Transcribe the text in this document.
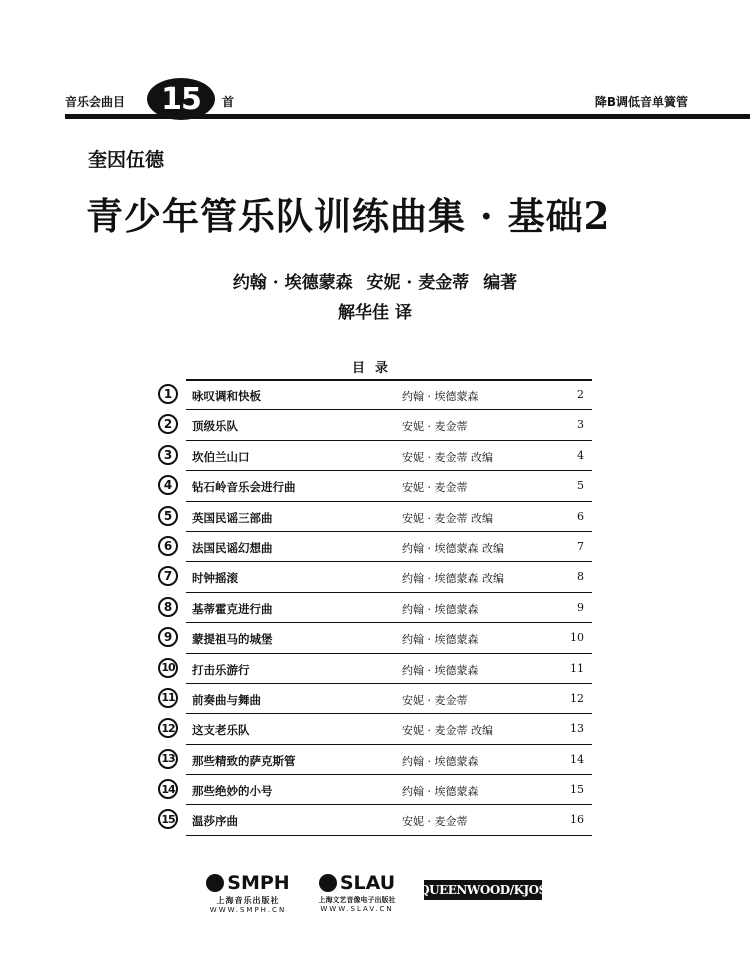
音乐会曲目	15	首	降B调低音单簧管
奎因伍德
青少年管乐队训练曲集 · 基础2
约翰 · 埃德蒙森 安妮 · 麦金蒂 编著
解华佳 译
目录
1	咏叹调和快板	约翰 · 埃德蒙森	2
2	顶级乐队	安妮 · 麦金蒂	3
3	坎伯兰山口	安妮 · 麦金蒂 改编	4
4	钻石岭音乐会进行曲	安妮 · 麦金蒂	5
5	英国民谣三部曲	安妮 · 麦金蒂 改编	6
6	法国民谣幻想曲	约翰 · 埃德蒙森 改编	7
7	时钟摇滚	约翰 · 埃德蒙森 改编	8
8	基蒂霍克进行曲	约翰 · 埃德蒙森	9
9	蒙提祖马的城堡	约翰 · 埃德蒙森	10
10 打击乐游行	约翰 · 埃德蒙森	11
11 前奏曲与舞曲	安妮 · 麦金蒂	12
12 这支老乐队	安妮 · 麦金蒂 改编	13
13 那些精致的萨克斯管	约翰 · 埃德蒙森	14
14 那些绝妙的小号	约翰 · 埃德蒙森	15
15 温莎序曲	安妮 · 麦金蒂	16
SMPH
上海音乐出版社
WWW.SMPH.CN
SLAU
上海文艺音像电子出版社
WWW.SLAV.CN
QUEENWOOD/KJOS
